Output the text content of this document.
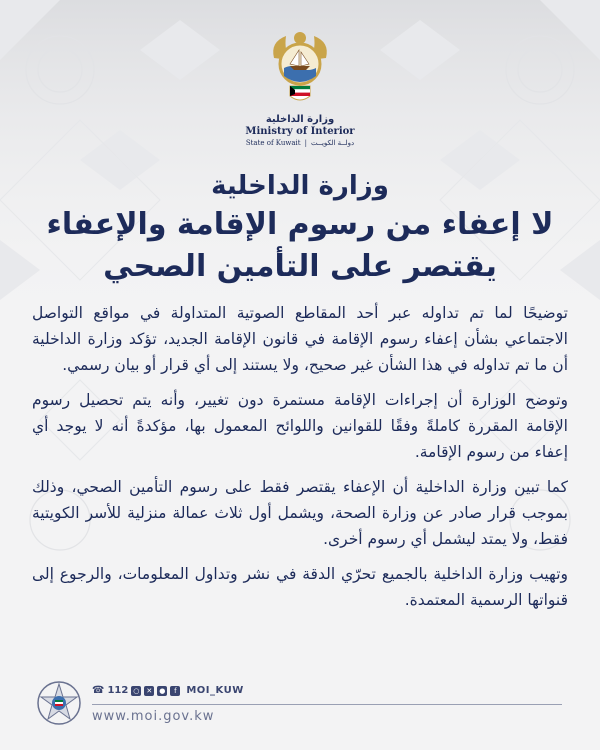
وزارة الداخلية
Ministry of Interior
State of Kuwait | دولــة الكويــت
وزارة الداخلية
لا إعفاء من رسوم الإقامة والإعفاء
يقتصر على التأمين الصحي

توضيحًا لما تم تداوله عبر أحد المقاطع الصوتية المتداولة في مواقع التواصل الاجتماعي بشأن إعفاء رسوم الإقامة في قانون الإقامة الجديد، تؤكد وزارة الداخلية أن ما تم تداوله في هذا الشأن غير صحيح، ولا يستند إلى أي قرار أو بيان رسمي.

وتوضح الوزارة أن إجراءات الإقامة مستمرة دون تغيير، وأنه يتم تحصيل رسوم الإقامة المقررة كاملةً وفقًا للقوانين واللوائح المعمول بها، مؤكدةً أنه لا يوجد أي إعفاء من رسوم الإقامة.

كما تبين وزارة الداخلية أن الإعفاء يقتصر فقط على رسوم التأمين الصحي، وذلك بموجب قرار صادر عن وزارة الصحة، ويشمل أول ثلاث عمالة منزلية للأسر الكويتية فقط، ولا يمتد ليشمل أي رسوم أخرى.

وتهيب وزارة الداخلية بالجميع تحرّي الدقة في نشر وتداول المعلومات، والرجوع إلى قنواتها الرسمية المعتمدة.

☎ 112 ○ ✕ ●	f MOI_KUW
www.moi.gov.kw
